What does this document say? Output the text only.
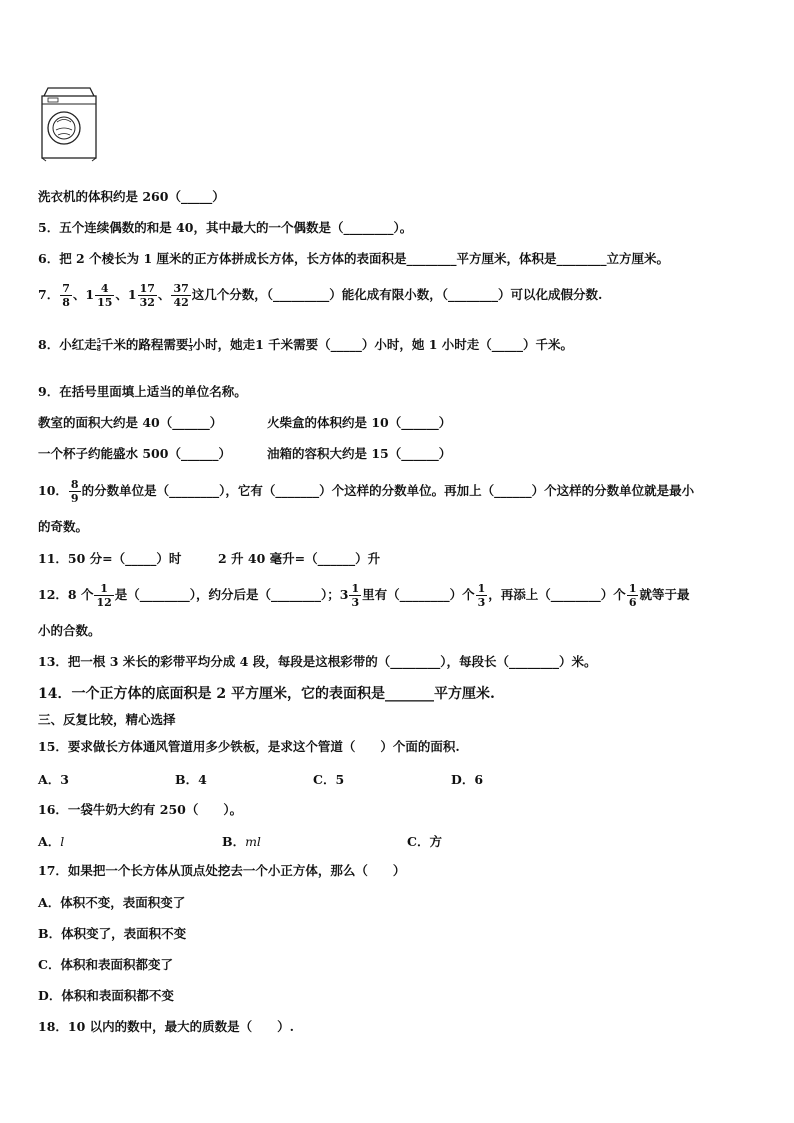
洗衣机的体积约是 260（_____）
5．五个连续偶数的和是 40，其中最大的一个偶数是（________）。
6．把 2 个棱长为 1 厘米的正方体拼成长方体，长方体的表面积是________平方厘米，体积是________立方厘米。
7． $\frac{7}{8}$ 、$1 \frac{4}{15}$ 、$1 \frac{17}{32}$ 、 $\frac{37}{42}$ 这几个分数，（_________）能化成有限小数，（________）可以化成假分数.
8．小红走 $\frac{5}{8}$千米的路程需要 $\frac{1}{3}$小时，她走1 千米需要（_____）小时，她 1 小时走（_____）千米。
9．在括号里面填上适当的单位名称。
教室的面积大约是 40（______）	火柴盒的体积约是 10（______）
一个杯子约能盛水 500（______）	油箱的容积大约是 15（______）
10． $\frac{8}{9}$ 的分数单位是（________），它有（_______）个这样的分数单位。再加上（______）个这样的分数单位就是最小
的奇数。
11．50 分=（_____）时	2 升 40 毫升=（______）升
12．8 个 $\frac{1}{12}$ 是（________），约分后是（________）；$3 \frac{1}{3}$ 里有（________）个 $\frac{1}{3}$ ，再添上（________）个 $\frac{1}{6}$ 就等于最
小的合数。
13．把一根 3 米长的彩带平均分成 4 段，每段是这根彩带的（________），每段长（________）米。
14．一个正方体的底面积是 2 平方厘米，它的表面积是_______平方厘米.
三、反复比较，精心选择
15．要求做长方体通风管道用多少铁板，是求这个管道（　　）个面的面积.
A．3	B．4	C．5	D．6
16．一袋牛奶大约有 250（　　）。
A．l	B．ml	C．方
17．如果把一个长方体从顶点处挖去一个小正方体，那么（　　）
A．体积不变，表面积变了
B．体积变了，表面积不变
C．体积和表面积都变了
D．体积和表面积都不变
18．10 以内的数中，最大的质数是（　　）.
